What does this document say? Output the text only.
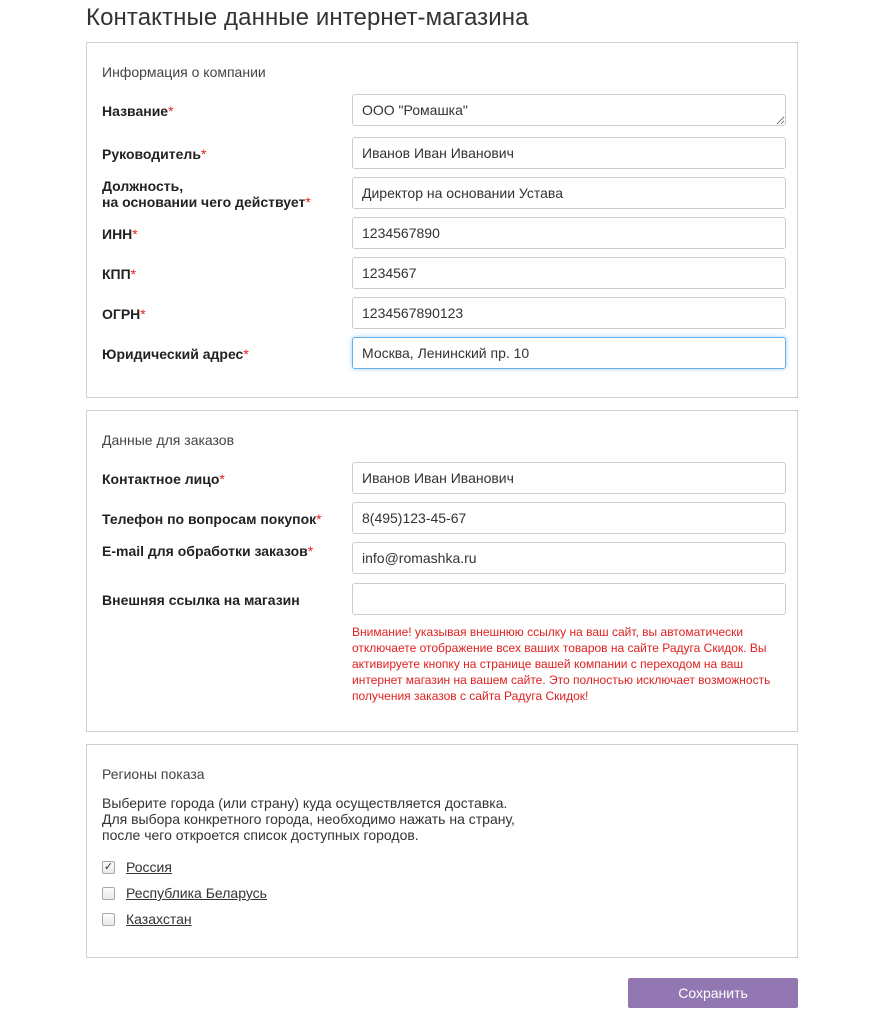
Контактные данные интернет-магазина
Информация о компании
Название*
ООО "Ромашка"
Руководитель*
Иванов Иван Иванович
Должность,
на основании чего действует*
Директор на основании Устава
ИНН*
1234567890
КПП*
1234567
ОГРН*
1234567890123
Юридический адрес*
Москва, Ленинский пр. 10
Данные для заказов
Контактное лицо*
Иванов Иван Иванович
Телефон по вопросам покупок*
8(495)123-45-67
E-mail для обработки заказов*
info@romashka.ru
Внешняя ссылка на магазин

Внимание! указывая внешнюю ссылку на ваш сайт, вы автоматически отключаете отображение всех ваших товаров на сайте Радуга Скидок. Вы активируете кнопку на странице вашей компании с переходом на ваш интернет магазин на вашем сайте. Это полностью исключает возможность получения заказов с сайта Радуга Скидок!

Регионы показа

Выберите города (или страну) куда осуществляется доставка. Для выбора конкретного города, необходимо нажать на страну, после чего откроется список доступных городов.

✓ Россия
Республика Беларусь
Казахстан
Сохранить
